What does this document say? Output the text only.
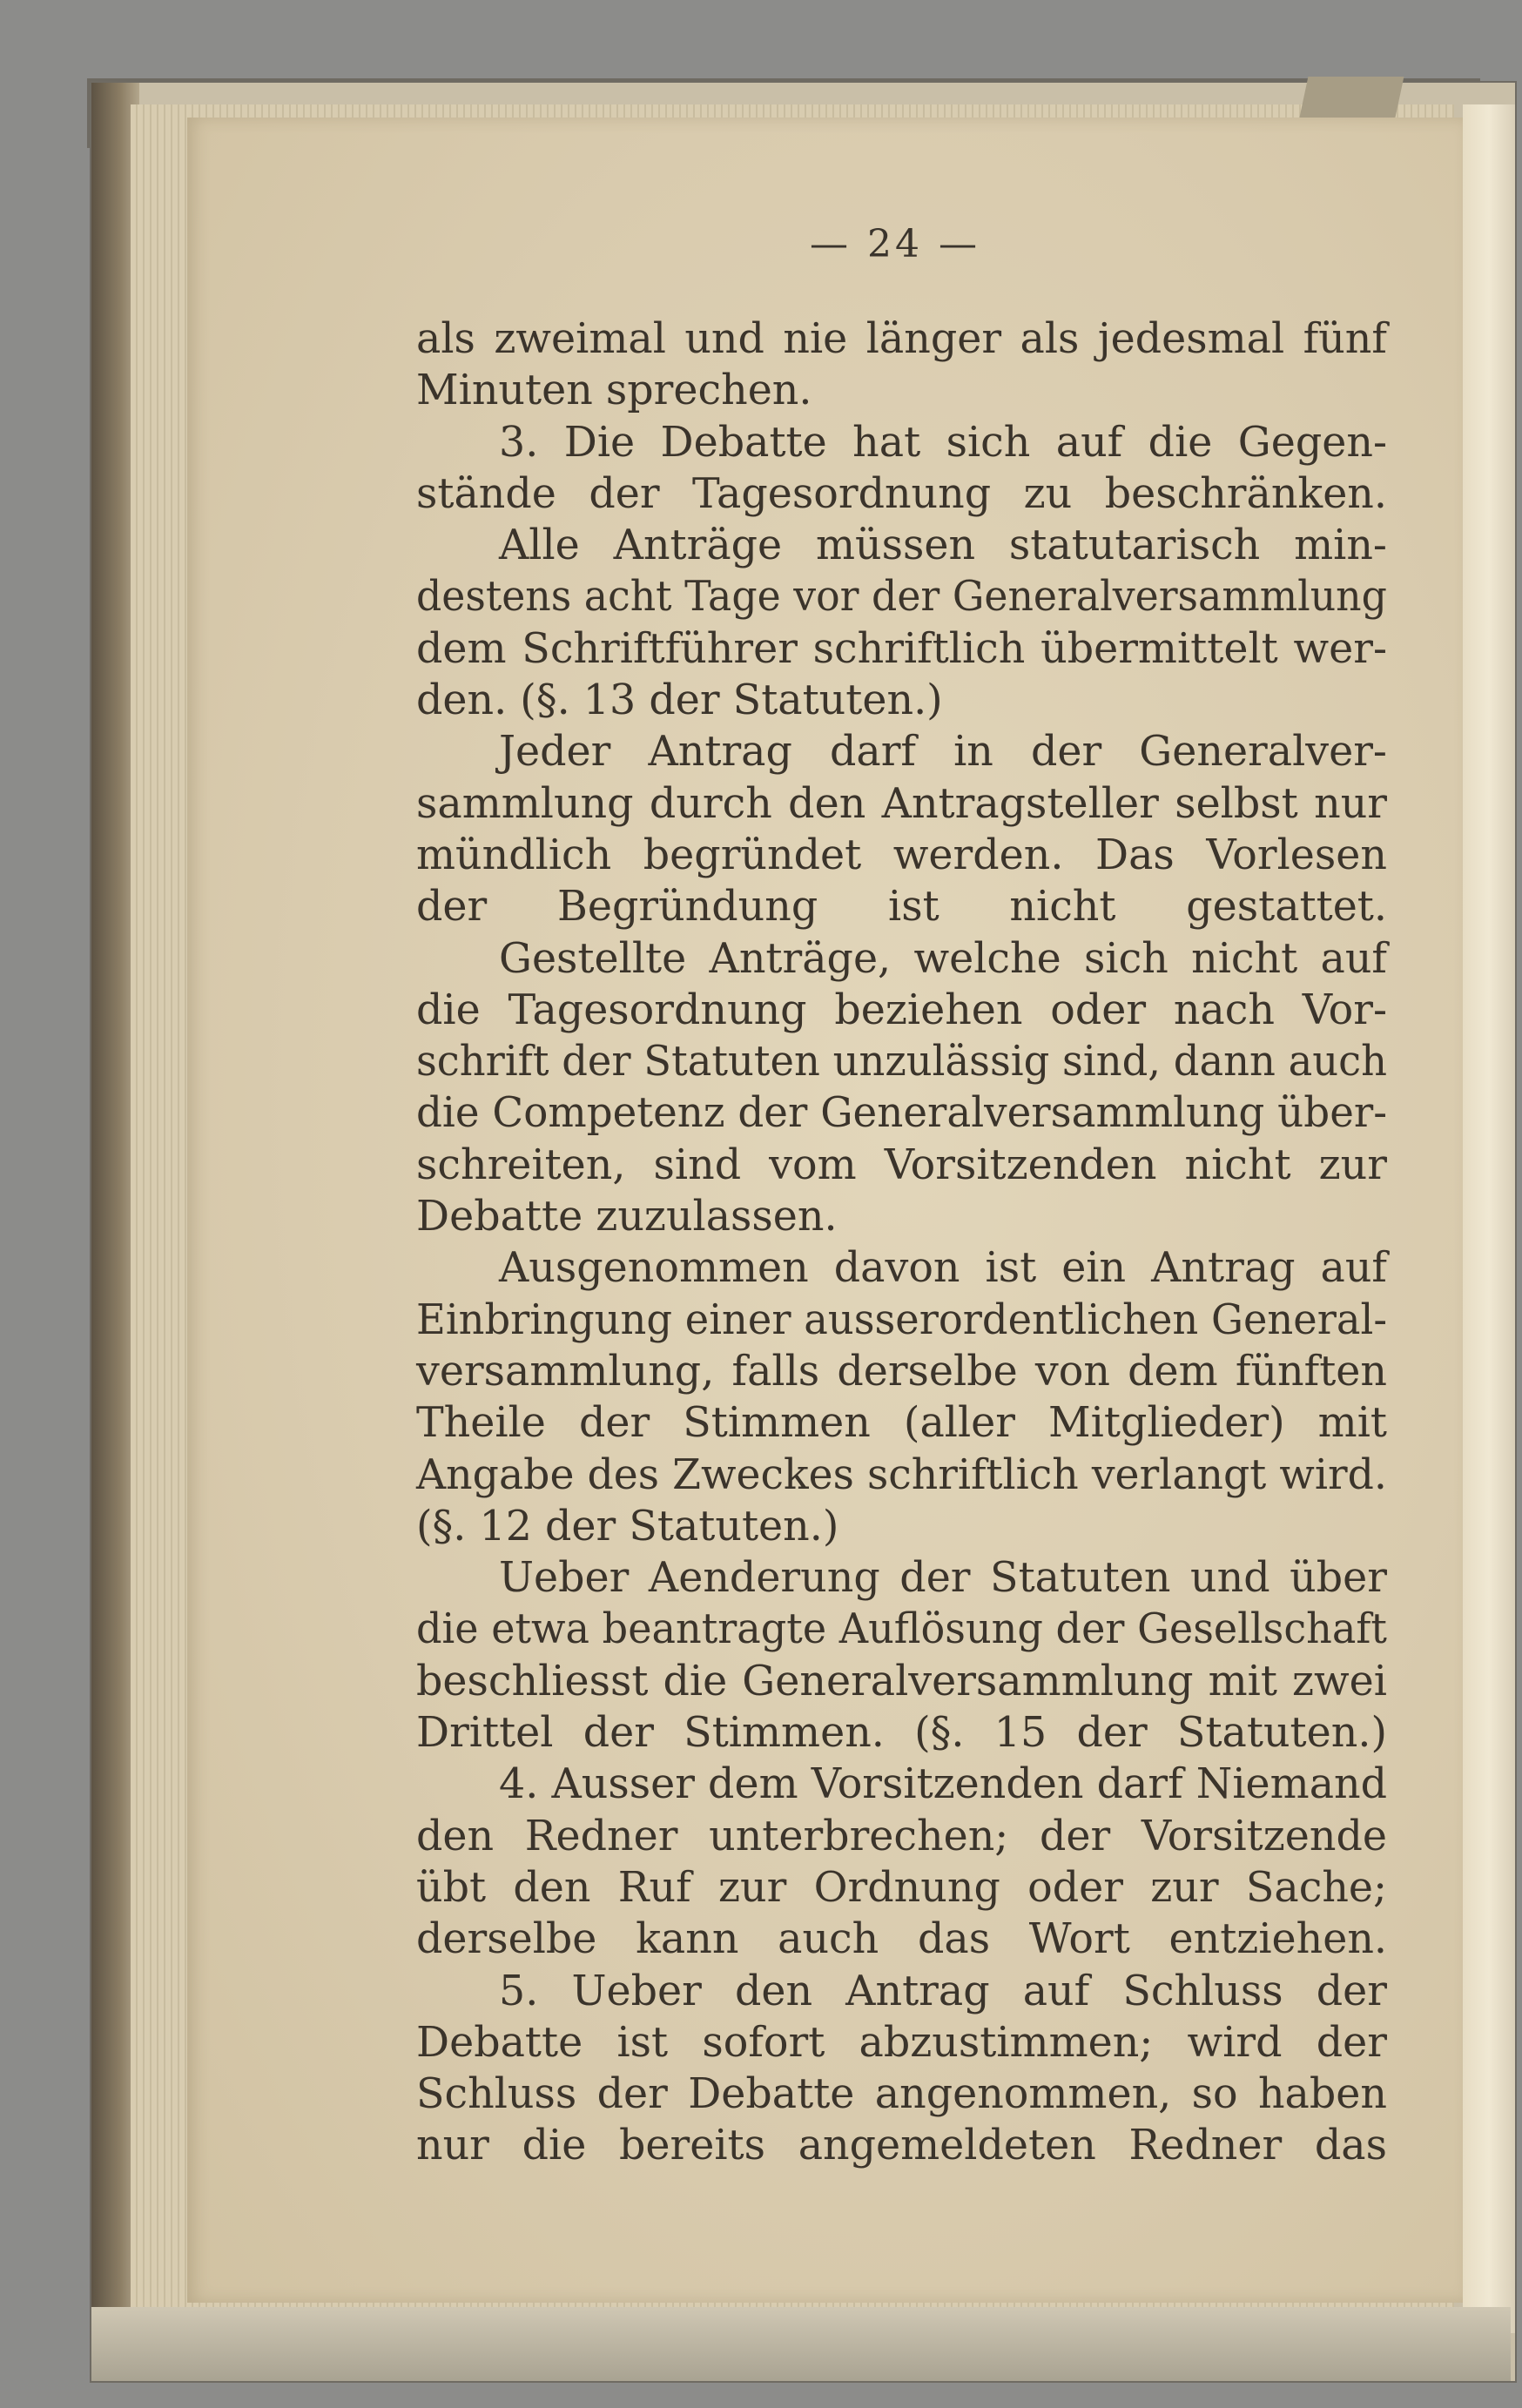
— 24 —
als zweimal und nie länger als jedesmal fünf
Minuten sprechen.
3. Die Debatte hat sich auf die Gegen-
stände der Tagesordnung zu beschränken.
Alle Anträge müssen statutarisch min-
destens acht Tage vor der Generalversammlung
dem Schriftführer schriftlich übermittelt wer-
den. (§. 13 der Statuten.)
Jeder Antrag darf in der Generalver-
sammlung durch den Antragsteller selbst nur
mündlich begründet werden. Das Vorlesen
der Begründung ist nicht gestattet.
Gestellte Anträge, welche sich nicht auf
die Tagesordnung beziehen oder nach Vor-
schrift der Statuten unzulässig sind, dann auch
die Competenz der Generalversammlung über-
schreiten, sind vom Vorsitzenden nicht zur
Debatte zuzulassen.
Ausgenommen davon ist ein Antrag auf
Einbringung einer ausserordentlichen General-
versammlung, falls derselbe von dem fünften
Theile der Stimmen (aller Mitglieder) mit
Angabe des Zweckes schriftlich verlangt wird.
(§. 12 der Statuten.)
Ueber Aenderung der Statuten und über
die etwa beantragte Auflösung der Gesellschaft
beschliesst die Generalversammlung mit zwei
Drittel der Stimmen. (§. 15 der Statuten.)
4. Ausser dem Vorsitzenden darf Niemand
den Redner unterbrechen; der Vorsitzende
übt den Ruf zur Ordnung oder zur Sache;
derselbe kann auch das Wort entziehen.
5. Ueber den Antrag auf Schluss der
Debatte ist sofort abzustimmen; wird der
Schluss der Debatte angenommen, so haben
nur die bereits angemeldeten Redner das
